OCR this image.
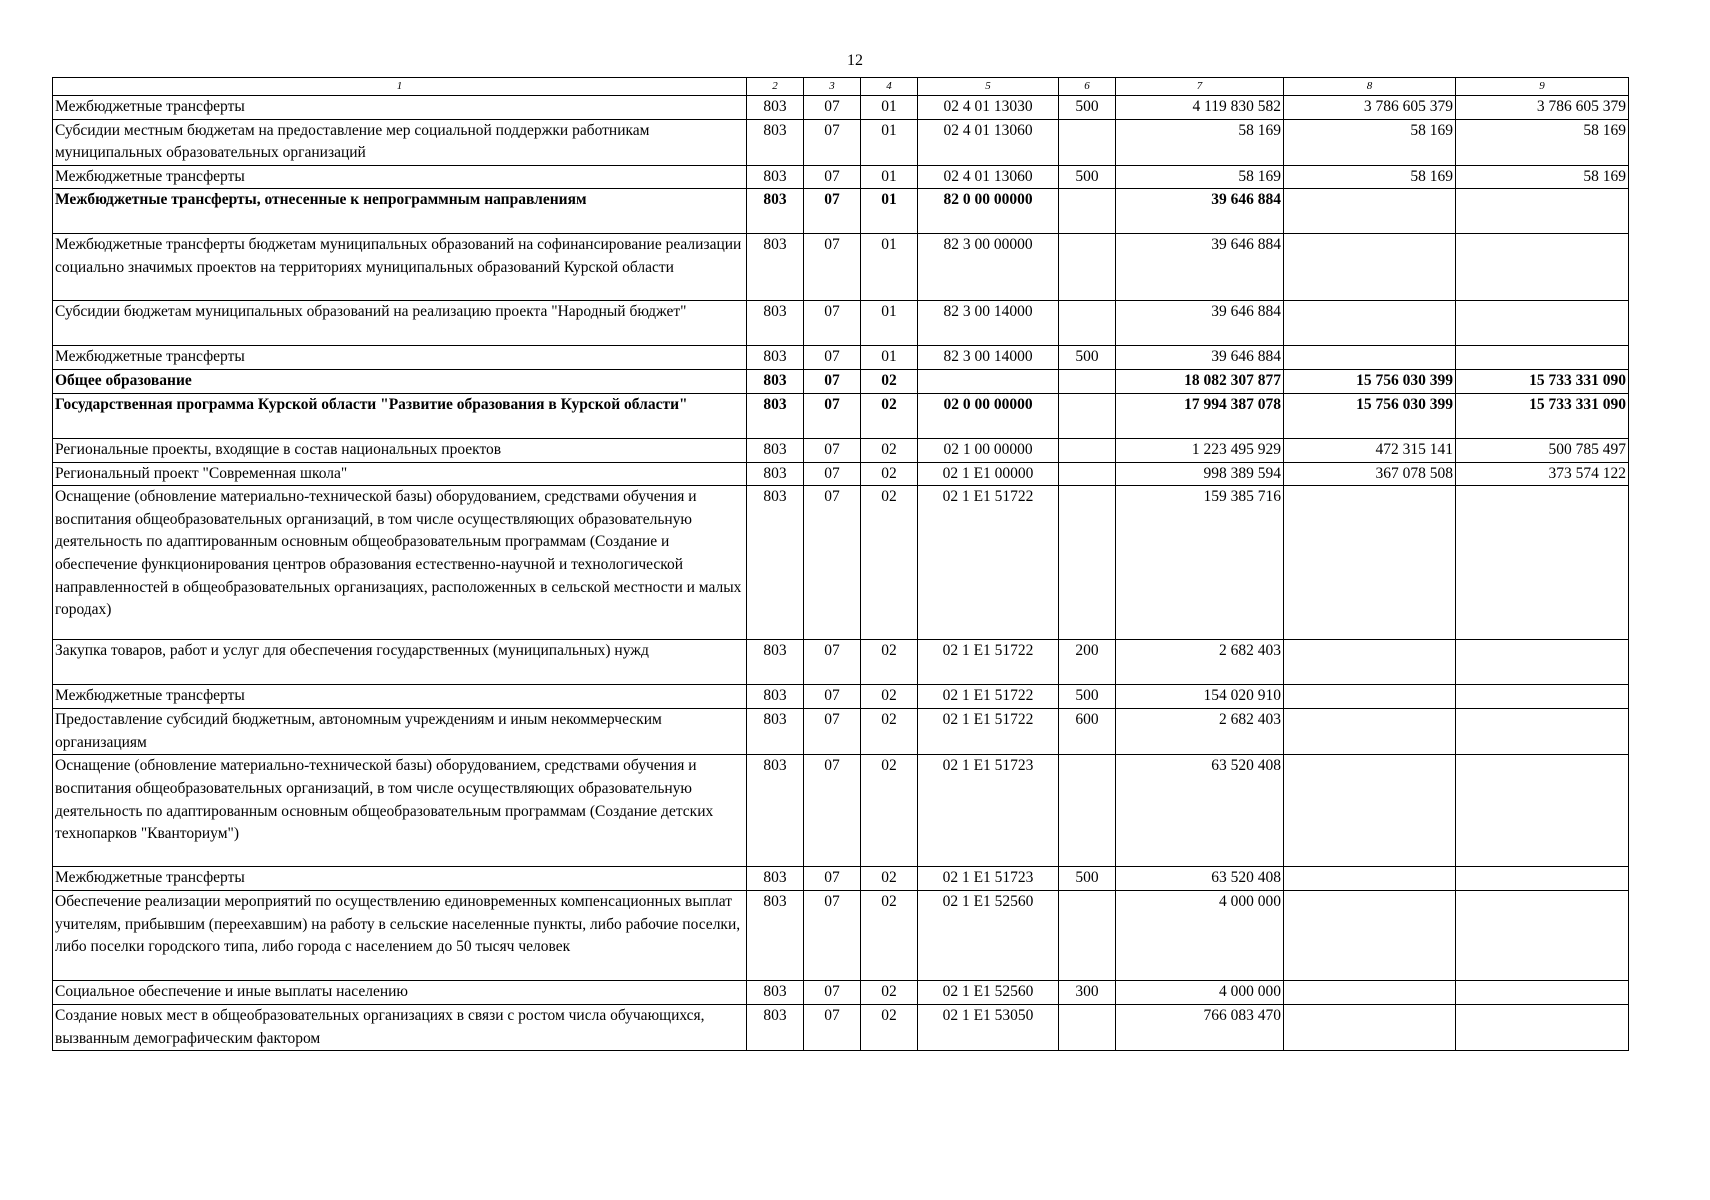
12
1	2	3	4	5	6	7	8	9
Межбюджетные трансферты	803	07	01	02 4 01 13030	500	4 119 830 582	3 786 605 379	3 786 605 379
Субсидии местным бюджетам на предоставление мер социальной поддержки работникам муниципальных образовательных организаций	803	07	01	02 4 01 13060		58 169	58 169	58 169
Межбюджетные трансферты	803	07	01	02 4 01 13060	500	58 169	58 169	58 169
Межбюджетные трансферты, отнесенные к непрограммным направлениям	803	07	01	82 0 00 00000		39 646 884		
Межбюджетные трансферты бюджетам муниципальных образований на софинансирование реализации социально значимых проектов на территориях муниципальных образований Курской области	803	07	01	82 3 00 00000		39 646 884		
Субсидии бюджетам муниципальных образований на реализацию проекта "Народный бюджет"	803	07	01	82 3 00 14000		39 646 884		
Межбюджетные трансферты	803	07	01	82 3 00 14000	500	39 646 884		
Общее образование	803	07	02			18 082 307 877	15 756 030 399	15 733 331 090
Государственная программа Курской области "Развитие образования в Курской области"	803	07	02	02 0 00 00000		17 994 387 078	15 756 030 399	15 733 331 090
Региональные проекты, входящие в состав национальных проектов	803	07	02	02 1 00 00000		1 223 495 929	472 315 141	500 785 497
Региональный проект "Современная школа"	803	07	02	02 1 E1 00000		998 389 594	367 078 508	373 574 122
Оснащение (обновление материально-технической базы) оборудованием, средствами обучения и воспитания общеобразовательных организаций, в том числе осуществляющих образовательную деятельность по адаптированным основным общеобразовательным программам (Создание и обеспечение функционирования центров образования естественно-научной и технологической направленностей в общеобразовательных организациях, расположенных в сельской местности и малых городах)	803	07	02	02 1 E1 51722		159 385 716		
Закупка товаров, работ и услуг для обеспечения государственных (муниципальных) нужд	803	07	02	02 1 E1 51722	200	2 682 403		
Межбюджетные трансферты	803	07	02	02 1 E1 51722	500	154 020 910		
Предоставление субсидий бюджетным, автономным учреждениям и иным некоммерческим организациям	803	07	02	02 1 E1 51722	600	2 682 403		
Оснащение (обновление материально-технической базы) оборудованием, средствами обучения и воспитания общеобразовательных организаций, в том числе осуществляющих образовательную деятельность по адаптированным основным общеобразовательным программам (Создание детских технопарков "Кванториум")	803	07	02	02 1 E1 51723		63 520 408		
Межбюджетные трансферты	803	07	02	02 1 E1 51723	500	63 520 408		
Обеспечение реализации мероприятий по осуществлению единовременных компенсационных выплат учителям, прибывшим (переехавшим) на работу в сельские населенные пункты, либо рабочие поселки, либо поселки городского типа, либо города с населением до 50 тысяч человек	803	07	02	02 1 E1 52560		4 000 000		
Социальное обеспечение и иные выплаты населению	803	07	02	02 1 E1 52560	300	4 000 000		
Создание новых мест в общеобразовательных организациях в связи с ростом числа обучающихся, вызванным демографическим фактором	803	07	02	02 1 E1 53050		766 083 470		
